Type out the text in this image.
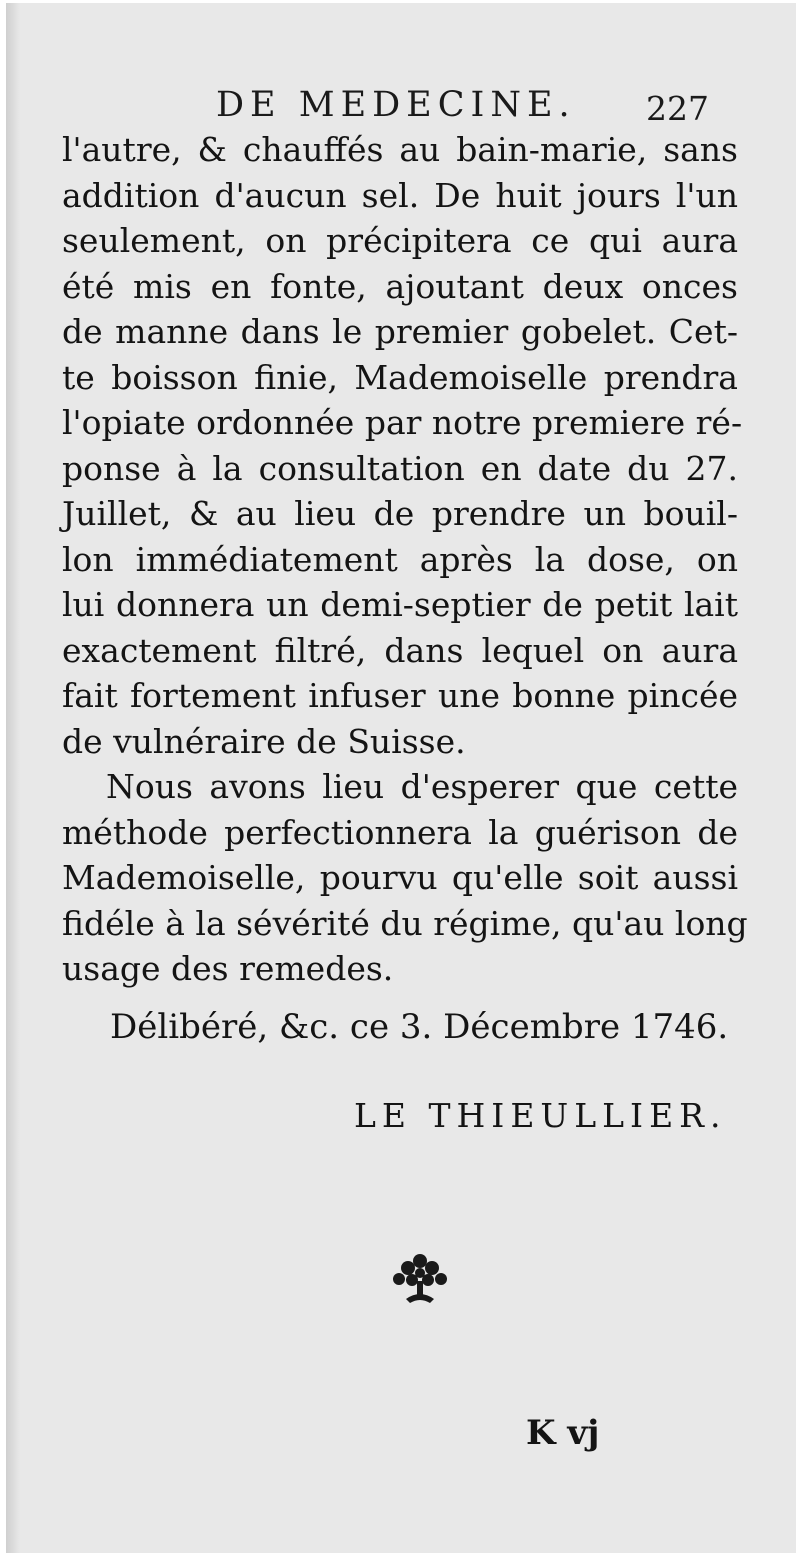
DE MEDECINE. 227
l'autre, & chauffés au bain-marie, sans
addition d'aucun sel. De huit jours l'un
seulement, on précipitera ce qui aura
été mis en fonte, ajoutant deux onces
de manne dans le premier gobelet. Cet-
te boisson finie, Mademoiselle prendra
l'opiate ordonnée par notre premiere ré-
ponse à la consultation en date du 27.
Juillet, & au lieu de prendre un bouil-
lon immédiatement après la dose, on
lui donnera un demi-septier de petit lait
exactement filtré, dans lequel on aura
fait fortement infuser une bonne pincée
de vulnéraire de Suisse.
Nous avons lieu d'esperer que cette
méthode perfectionnera la guérison de
Mademoiselle, pourvu qu'elle soit aussi
fidéle à la sévérité du régime, qu'au long
usage des remedes.
Délibéré, &c. ce 3. Décembre 1746.
LE THIEULLIER.
K vj
